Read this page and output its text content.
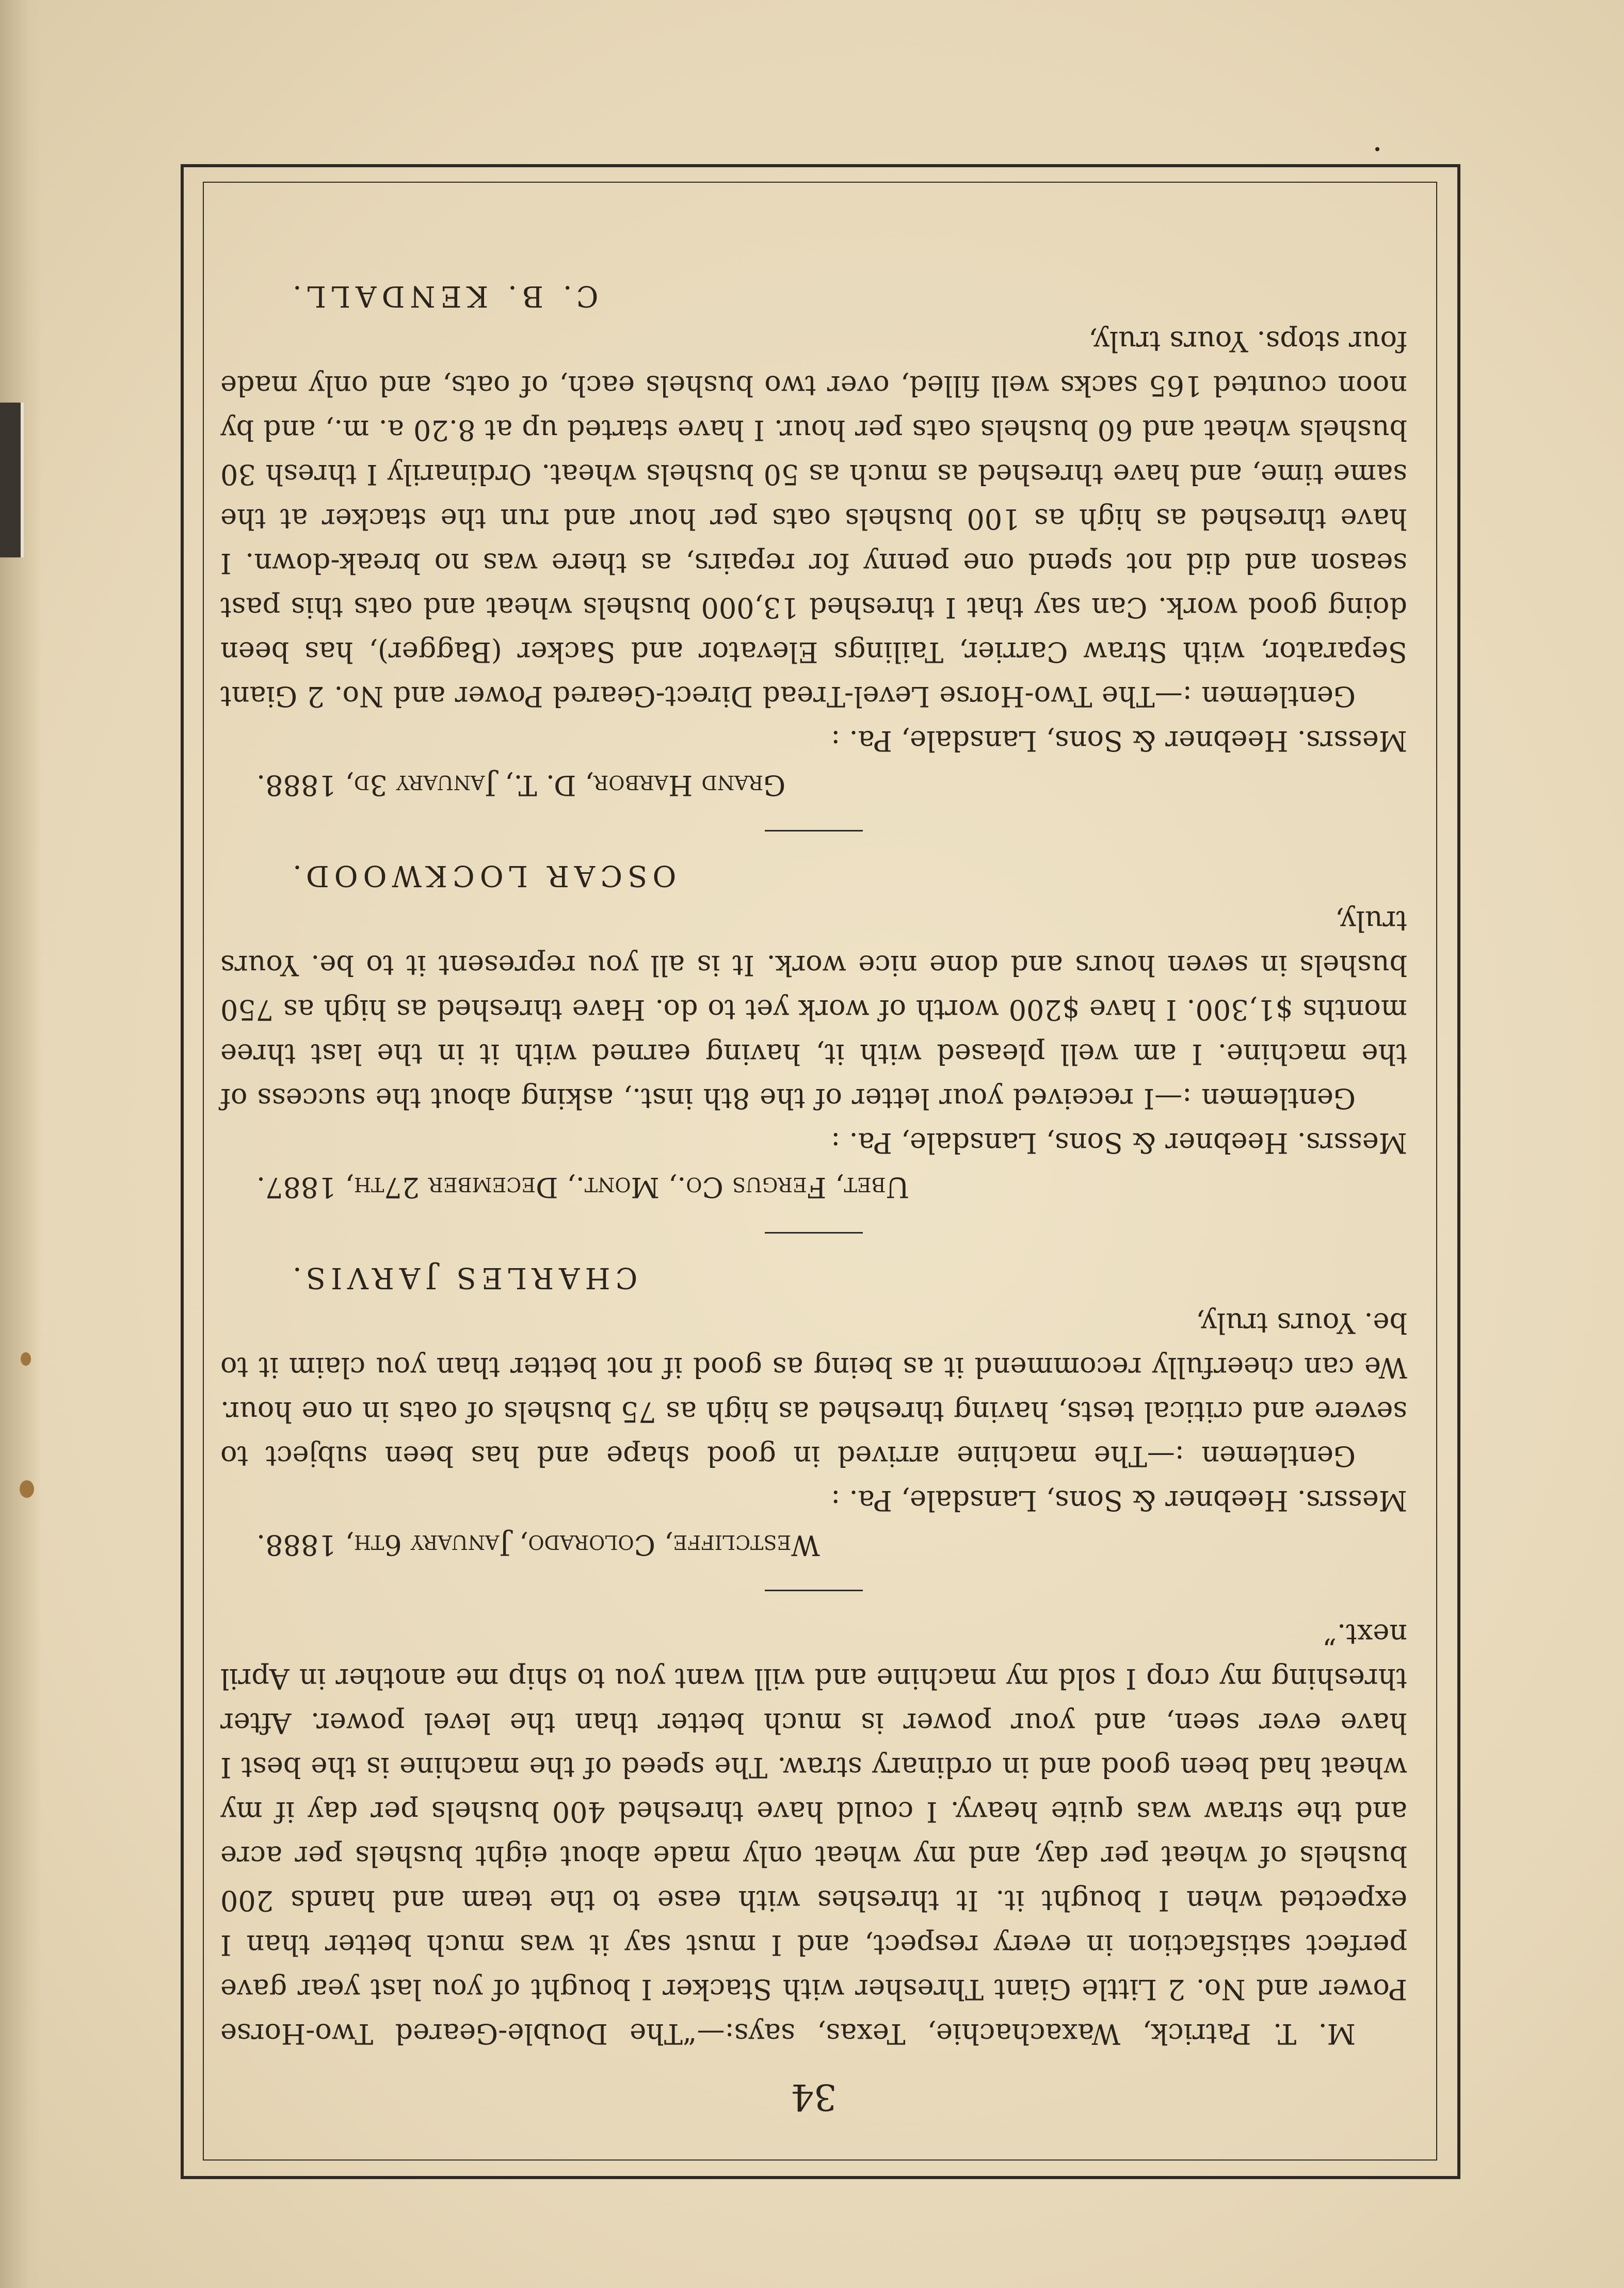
34

M. T. Patrick, Waxachachie, Texas, says:—“The Double-Geared Two-Horse Power and No. 2 Little Giant Thresher with Stacker I bought of you last year gave perfect satisfaction in every respect, and I must say it was much better than I expected when I bought it. It threshes with ease to the team and hands 200 bushels of wheat per day, and my wheat only made about eight bushels per acre and the straw was quite heavy. I could have threshed 400 bushels per day if my wheat had been good and in ordinary straw. The speed of the machine is the best I have ever seen, and your power is much better than the level power. After threshing my crop I sold my machine and will want you to ship me another in April next.”

Westcliffe, Colorado, January 6th, 1888.

Messrs. Heebner & Sons, Lansdale, Pa. :

Gentlemen :—The machine arrived in good shape and has been subject to severe and critical tests, having threshed as high as 75 bushels of oats in one hour. We can cheerfully recommend it as being as good if not better than you claim it to be. Yours truly,

CHARLES JARVIS.

Ubet, Fergus Co., Mont., December 27th, 1887.

Messrs. Heebner & Sons, Lansdale, Pa. :

Gentlemen :—I received your letter of the 8th inst., asking about the success of the machine. I am well pleased with it, having earned with it in the last three months $1,300. I have $200 worth of work yet to do. Have threshed as high as 750 bushels in seven hours and done nice work. It is all you represent it to be. Yours truly,

OSCAR LOCKWOOD.

Grand Harbor, D. T., January 3d, 1888.

Messrs. Heebner & Sons, Lansdale, Pa. :

Gentlemen :—The Two-Horse Level-Tread Direct-Geared Power and No. 2 Giant Separator, with Straw Carrier, Tailings Elevator and Sacker (Bagger), has been doing good work. Can say that I threshed 13,000 bushels wheat and oats this past season and did not spend one penny for repairs, as there was no break-down. I have threshed as high as 100 bushels oats per hour and run the stacker at the same time, and have threshed as much as 50 bushels wheat. Ordinarily I thresh 30 bushels wheat and 60 bushels oats per hour. I have started up at 8.20 a. m., and by noon counted 165 sacks well filled, over two bushels each, of oats, and only made four stops. Yours truly,

C. B. KENDALL.
